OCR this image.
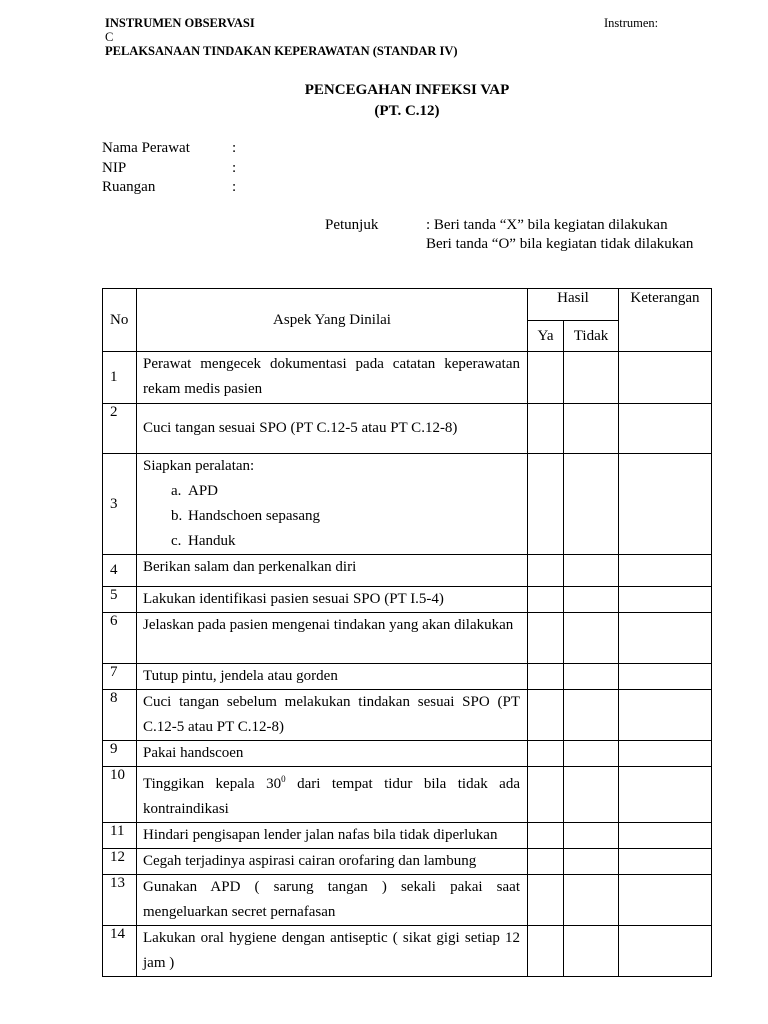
INSTRUMEN OBSERVASI
C
PELAKSANAAN TINDAKAN KEPERAWATAN (STANDAR IV)
Instrumen:
PENCEGAHAN INFEKSI VAP
(PT. C.12)
Nama Perawat	:
NIP	:
Ruangan	:
Petunjuk	: Beri tanda “X” bila kegiatan dilakukan
Beri tanda “O” bila kegiatan tidak dilakukan
No	Aspek Yang Dinilai	Hasil		Keterangan
		Ya	Tidak	
1	Perawat mengecek dokumentasi pada catatan keperawatan rekam medis pasien			

2	Cuci tangan sesuai SPO (PT C.12-5 atau PT C.12-8)			

3	Siapkan peralatan:
a. APD
b. Handschoen sepasang
c. Handuk			

4	Berikan salam dan perkenalkan diri			

5	Lakukan identifikasi pasien sesuai SPO (PT I.5-4)			

6	Jelaskan pada pasien mengenai tindakan yang akan dilakukan			

7	Tutup pintu, jendela atau gorden			

8	Cuci tangan sebelum melakukan tindakan sesuai SPO (PT C.12-5 atau PT C.12-8)			

9	Pakai handscoen			

10	Tinggikan kepala $30^0$ dari tempat tidur bila tidak ada kontraindikasi			

11	Hindari pengisapan lender jalan nafas bila tidak diperlukan			

12	Cegah terjadinya aspirasi cairan orofaring dan lambung			

13	Gunakan APD ( sarung tangan ) sekali pakai saat mengeluarkan secret pernafasan			

14	Lakukan oral hygiene dengan antiseptic ( sikat gigi setiap 12 jam )			
